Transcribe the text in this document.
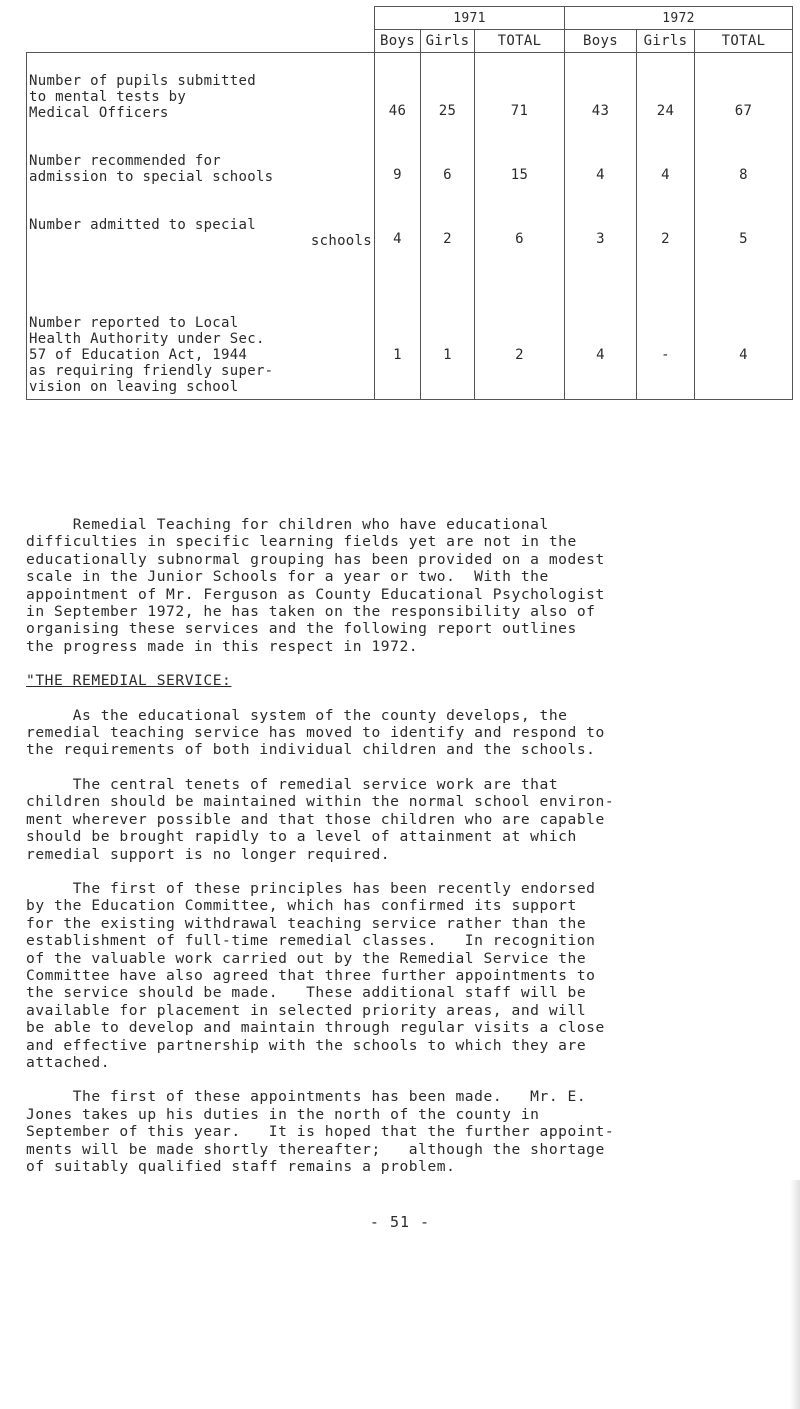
	1971			1972		
	Boys	Girls	TOTAL	Boys	Girls	TOTAL

Number of pupils submitted
to mental tests by
Medical Officers	46	25	71	43	24	67

Number recommended for
admission to special schools	9	6	15	4	4	8

Number admitted to special
schools	4	2	6	3	2	5

Number reported to Local
Health Authority under Sec.
57 of Education Act, 1944
as requiring friendly super-
vision on leaving school	1	1	2	4	-	4

Remedial Teaching for children who have educational
difficulties in specific learning fields yet are not in the
educationally subnormal grouping has been provided on a modest
scale in the Junior Schools for a year or two.  With the
appointment of Mr. Ferguson as County Educational Psychologist
in September 1972, he has taken on the responsibility also of
organising these services and the following report outlines
the progress made in this respect in 1972.

"THE REMEDIAL SERVICE:

As the educational system of the county develops, the
remedial teaching service has moved to identify and respond to
the requirements of both individual children and the schools.

The central tenets of remedial service work are that
children should be maintained within the normal school environ-
ment wherever possible and that those children who are capable
should be brought rapidly to a level of attainment at which
remedial support is no longer required.

The first of these principles has been recently endorsed
by the Education Committee, which has confirmed its support
for the existing withdrawal teaching service rather than the
establishment of full-time remedial classes.   In recognition
of the valuable work carried out by the Remedial Service the
Committee have also agreed that three further appointments to
the service should be made.   These additional staff will be
available for placement in selected priority areas, and will
be able to develop and maintain through regular visits a close
and effective partnership with the schools to which they are
attached.

The first of these appointments has been made.   Mr. E.
Jones takes up his duties in the north of the county in
September of this year.   It is hoped that the further appoint-
ments will be made shortly thereafter;   although the shortage
of suitably qualified staff remains a problem.

- 51 -
